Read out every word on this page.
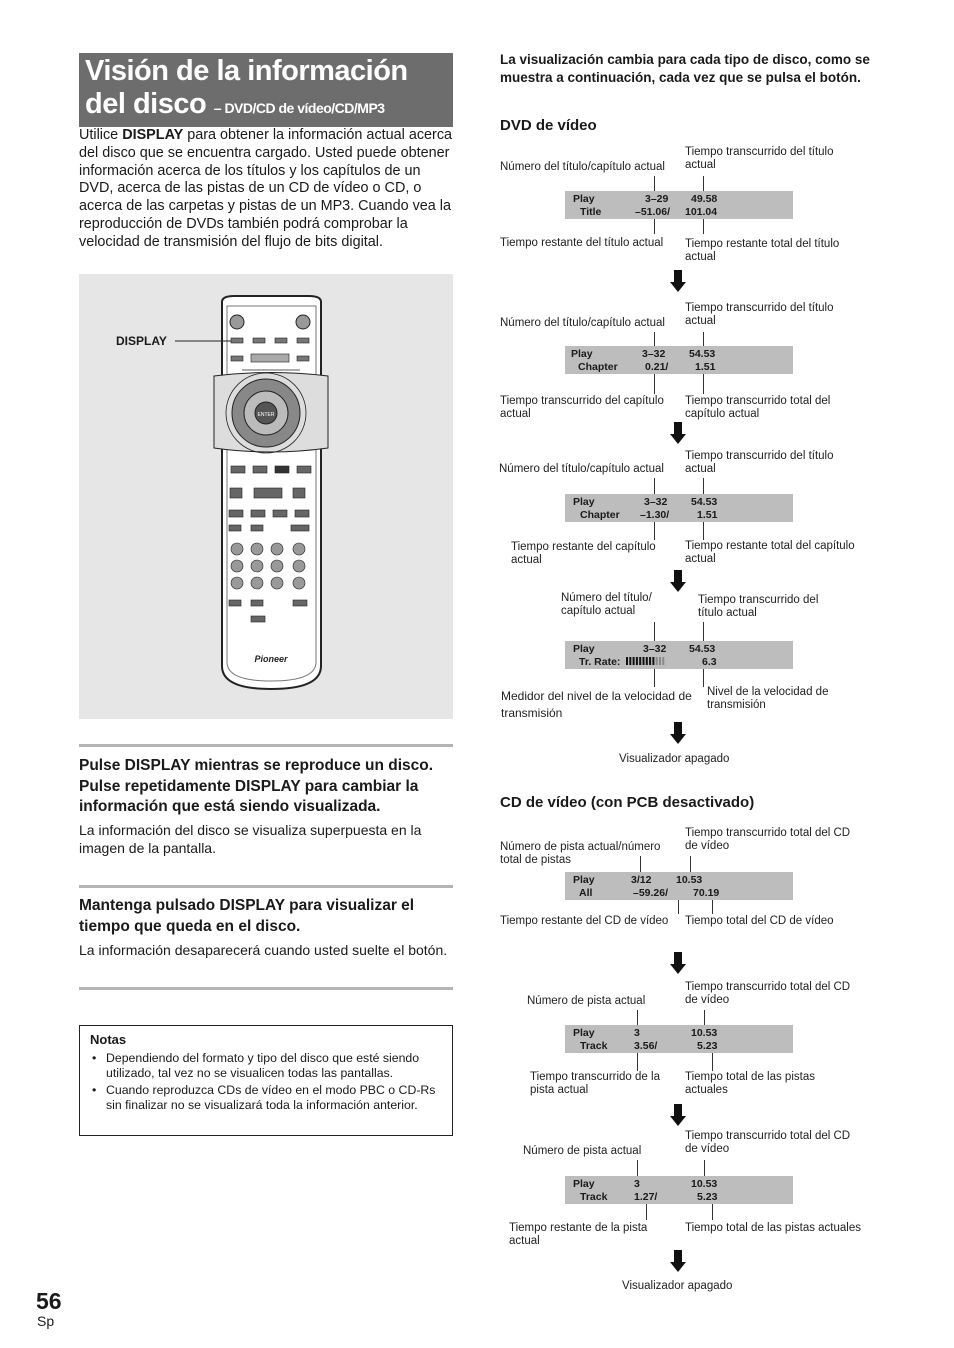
Visión de la información del disco – DVD/CD de vídeo/CD/MP3
Utilice DISPLAY para obtener la información actual acerca del disco que se encuentra cargado. Usted puede obtener información acerca de los títulos y los capítulos de un DVD, acerca de las pistas de un CD de vídeo o CD, o acerca de las carpetas y pistas de un MP3. Cuando vea la reproducción de DVDs también podrá comprobar la velocidad de transmisión del flujo de bits digital.
Pioneer
ENTER
DISPLAY
Pulse DISPLAY mientras se reproduce un disco.
Pulse repetidamente DISPLAY para cambiar la información que está siendo visualizada.
La información del disco se visualiza superpuesta en la imagen de la pantalla.
Mantenga pulsado DISPLAY para visualizar el tiempo que queda en el disco.
La información desaparecerá cuando usted suelte el botón.
Notas
• Dependiendo del formato y tipo del disco que esté siendo utilizado, tal vez no se visualicen todas las pantallas.
• Cuando reproduzca CDs de vídeo en el modo PBC o CD-Rs sin finalizar no se visualizará toda la información anterior.
56
Sp
La visualización cambia para cada tipo de disco, como se muestra a continuación, cada vez que se pulsa el botón.
DVD de vídeo
Número del título/capítulo actual
Tiempo transcurrido del título actual
Play	3–29 49.58
Title	–51.06/ 101.04
Tiempo restante del título actual Tiempo restante total del título actual
Número del título/capítulo actual
Tiempo transcurrido del título actual
Play	3–32 54.53
Chapter	0.21/	1.51
Tiempo transcurrido del capítulo actual
Tiempo transcurrido total del capítulo actual
Número del título/capítulo actual
Tiempo transcurrido del título actual
Play	3–32 54.53
Chapter –1.30/	1.51
Tiempo restante del capítulo actual
Tiempo restante total del capítulo actual
Número del título/ capítulo actual
Tiempo transcurrido del título actual
Play	3–32 54.53
Tr. Rate:	6.3
Medidor del nivel de la velocidad de transmisión
Nivel de la velocidad de transmisión
Visualizador apagado
CD de vídeo (con PCB desactivado)
Número de pista actual/número total de pistas
Tiempo transcurrido total del CD de vídeo
Play	3/12 10.53
All	–59.26/ 70.19
Tiempo restante del CD de vídeo Tiempo total del CD de vídeo
Número de pista actual
Tiempo transcurrido total del CD de vídeo
Play	3	10.53
Track	3.56/	5.23
Tiempo transcurrido de la pista actual
Tiempo total de las pistas actuales
Número de pista actual
Tiempo transcurrido total del CD de vídeo
Play	3	10.53
Track	1.27/	5.23
Tiempo restante de la pista actual
Tiempo total de las pistas actuales
Visualizador apagado
